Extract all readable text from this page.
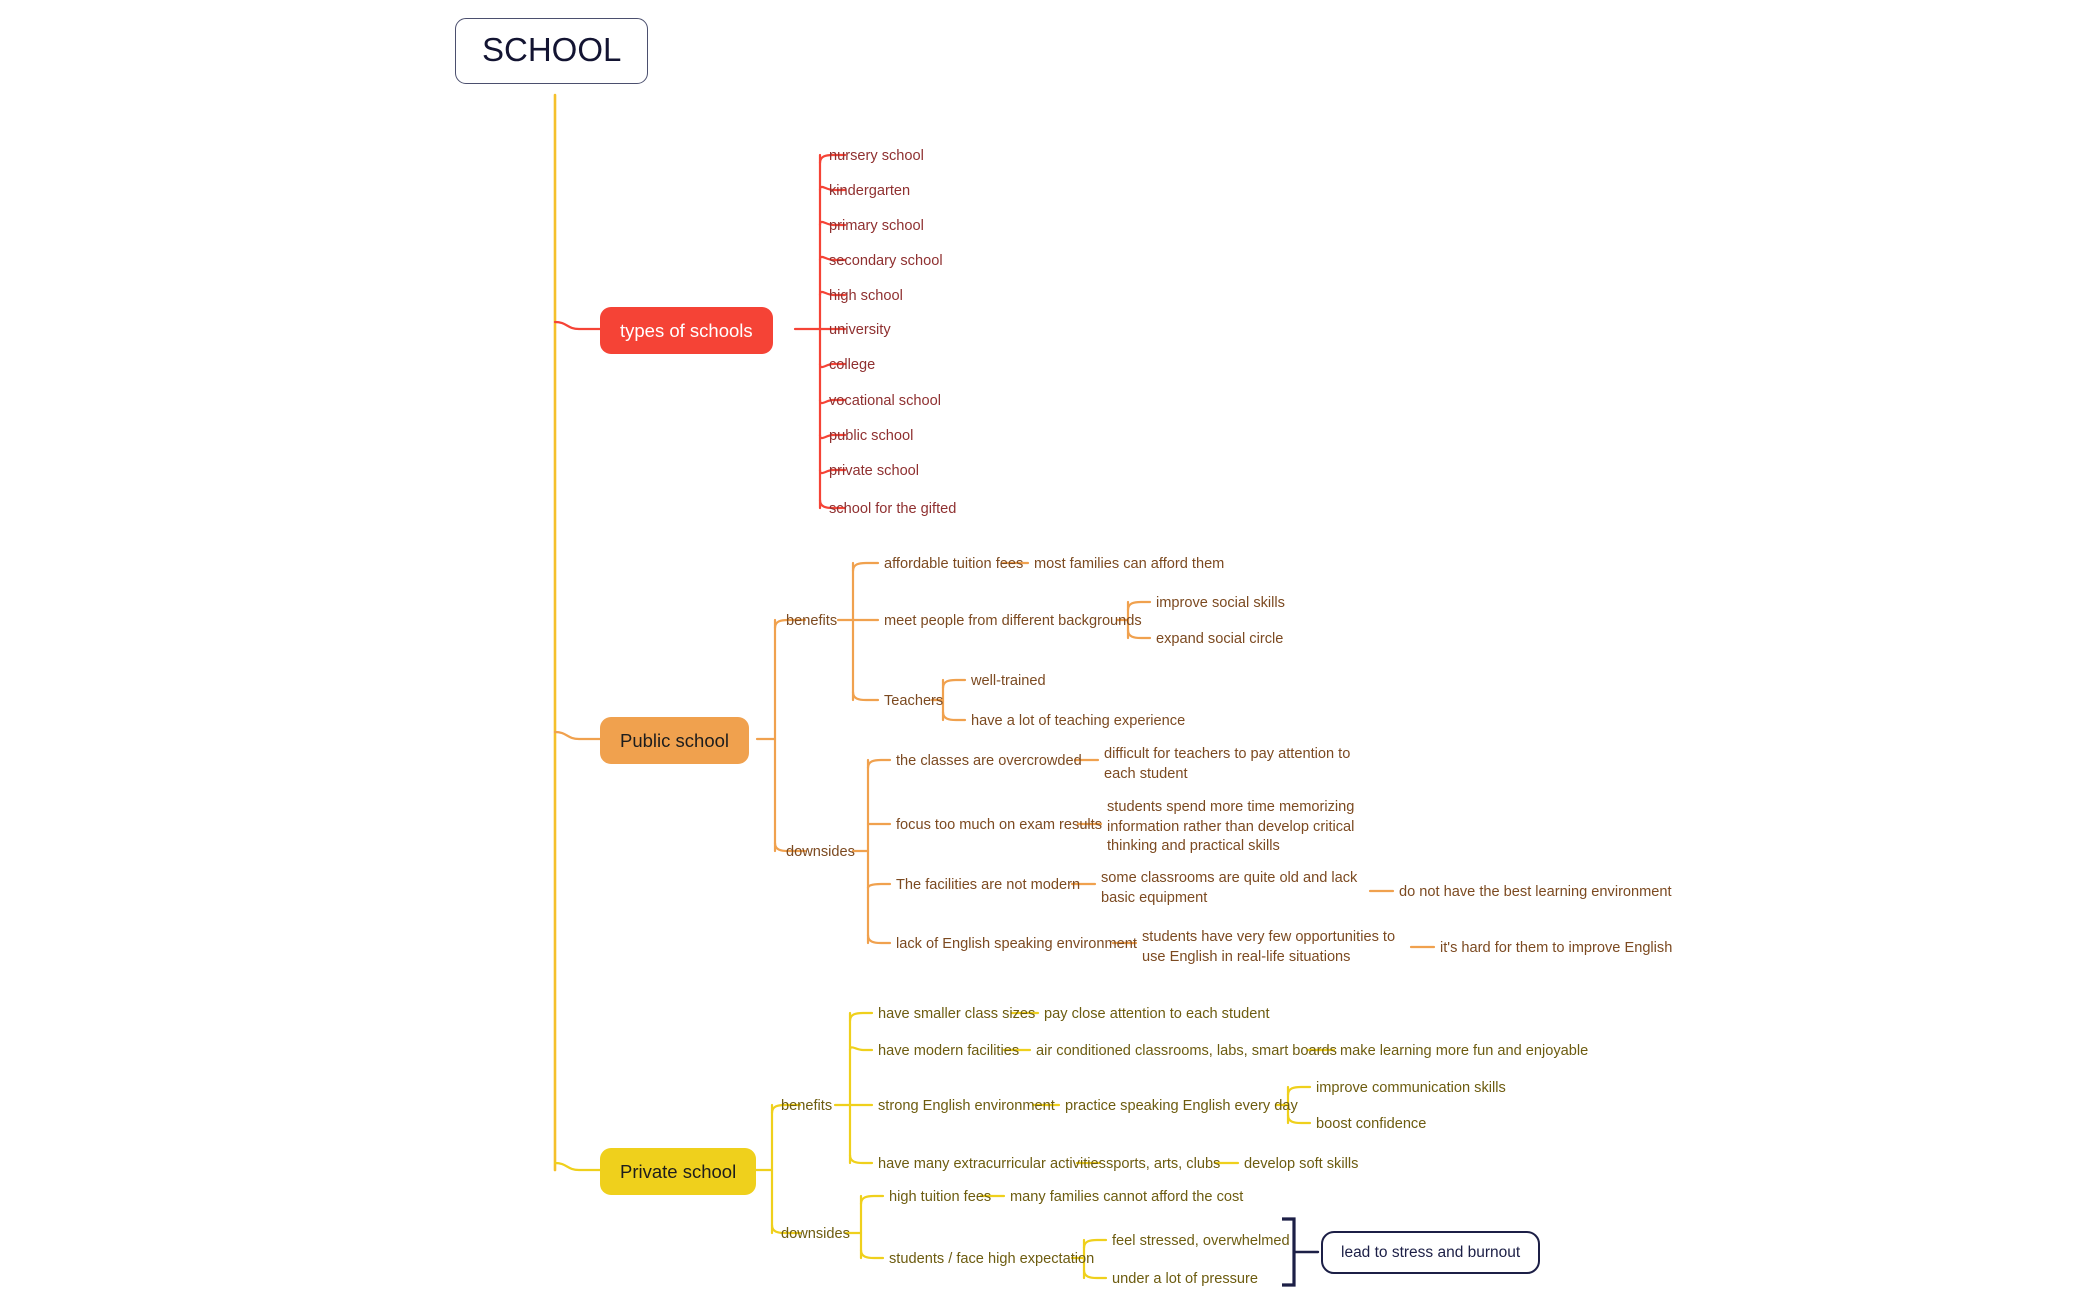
SCHOOL
types of schools
nursery school
kindergarten
primary school
secondary school
high school
university
college
vocational school
public school
private school
school for the gifted
Public school
benefits
downsides
affordable tuition fees most families can afford them
meet people from different backgrounds
improve social skills
expand social circle
Teachers
well-trained
have a lot of teaching experience
the classes are overcrowded difficult for teachers to pay attention to each student
focus too much on exam results
students spend more time memorizing information rather than develop critical thinking and practical skills
The facilities are not modern some classrooms are quite old and lack basic equipment	do not have the best learning environment
lack of English speaking environment students have very few opportunities to use English in real-life situations
it's hard for them to improve English
Private school
benefits
downsides
have smaller class sizes pay close attention to each student
have modern facilities air conditioned classrooms, labs, smart boards make learning more fun and enjoyable
strong English environment practice speaking English every day
improve communication skills
boost confidence
have many extracurricular activities sports, arts, clubs develop soft skills
high tuition fees many families cannot afford the cost
students / face high expectation
feel stressed, overwhelmed
under a lot of pressure
lead to stress and burnout
